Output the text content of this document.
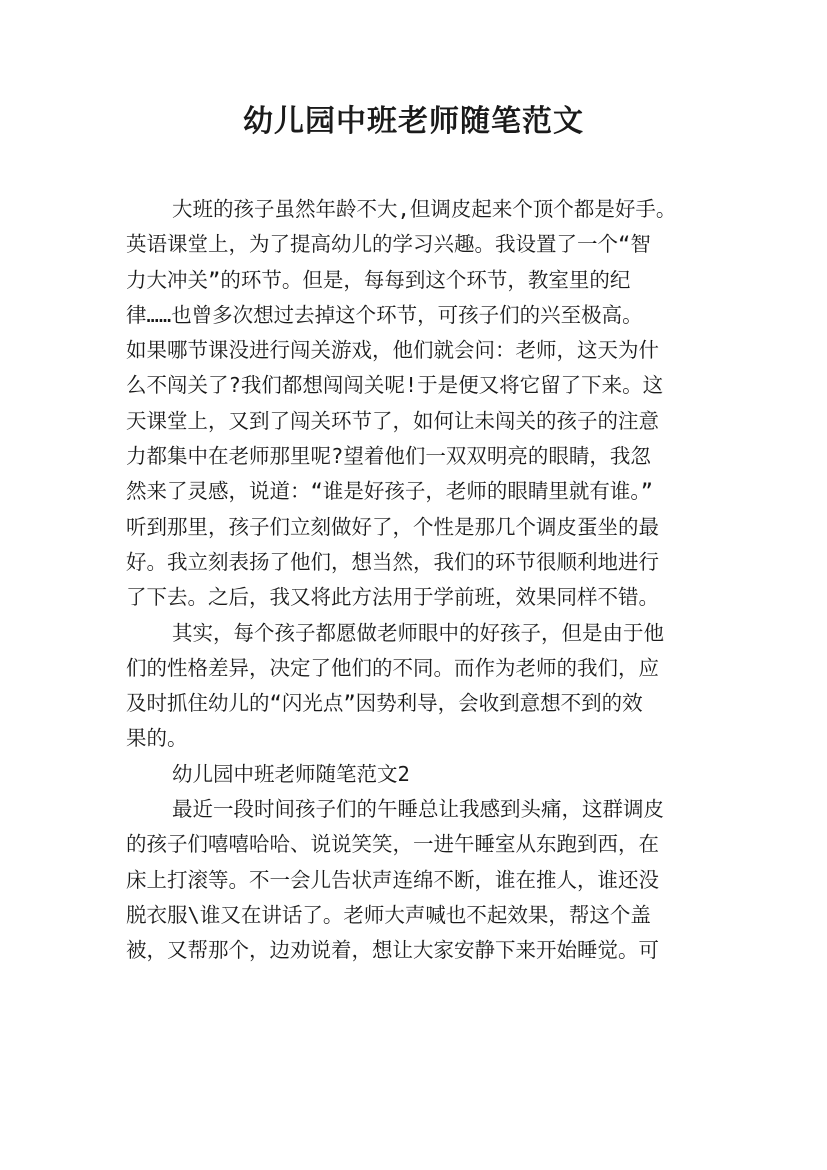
幼儿园中班老师随笔范文
大班的孩子虽然年龄不大,但调皮起来个顶个都是好手。
英语课堂上，为了提高幼儿的学习兴趣。我设置了一个“智
力大冲关”的环节。但是，每每到这个环节，教室里的纪
律……也曾多次想过去掉这个环节，可孩子们的兴至极高。
如果哪节课没进行闯关游戏，他们就会问：老师，这天为什
么不闯关了?我们都想闯闯关呢!于是便又将它留了下来。这
天课堂上，又到了闯关环节了，如何让未闯关的孩子的注意
力都集中在老师那里呢?望着他们一双双明亮的眼睛，我忽
然来了灵感，说道：“谁是好孩子，老师的眼睛里就有谁。”
听到那里，孩子们立刻做好了，个性是那几个调皮蛋坐的最
好。我立刻表扬了他们，想当然，我们的环节很顺利地进行
了下去。之后，我又将此方法用于学前班，效果同样不错。
其实，每个孩子都愿做老师眼中的好孩子，但是由于他
们的性格差异，决定了他们的不同。而作为老师的我们，应
及时抓住幼儿的“闪光点”因势利导，会收到意想不到的效
果的。
幼儿园中班老师随笔范文2
最近一段时间孩子们的午睡总让我感到头痛，这群调皮
的孩子们嘻嘻哈哈、说说笑笑，一进午睡室从东跑到西，在
床上打滚等。不一会儿告状声连绵不断，谁在推人，谁还没
脱衣服\谁又在讲话了。老师大声喊也不起效果，帮这个盖
被，又帮那个，边劝说着，想让大家安静下来开始睡觉。可
